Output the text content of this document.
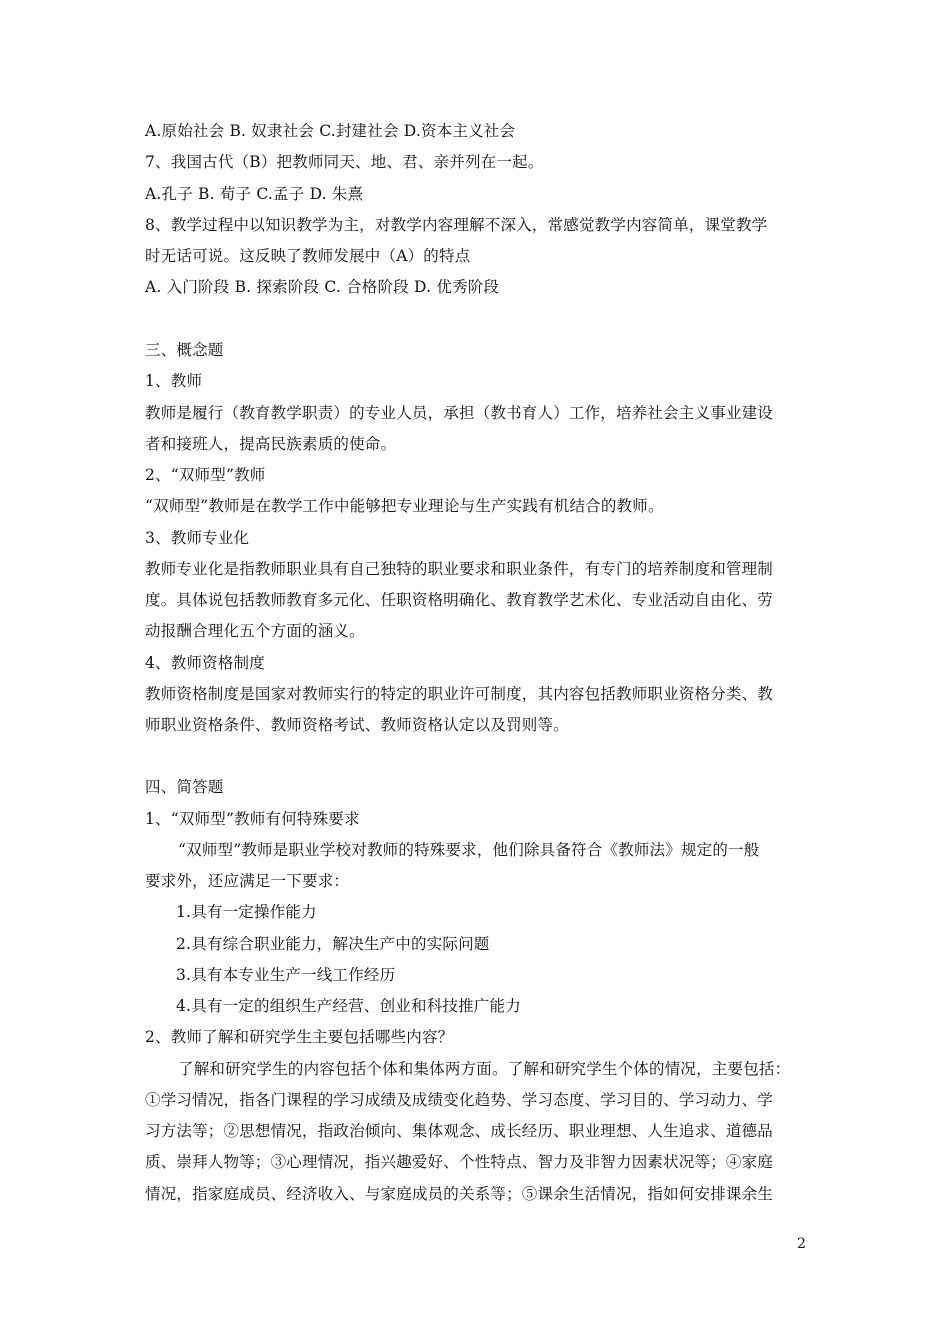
A.原始社会 B. 奴隶社会 C.封建社会 D.资本主义社会
7、我国古代（B）把教师同天、地、君、亲并列在一起。
A.孔子 B. 荀子 C.孟子 D. 朱熹
8、教学过程中以知识教学为主，对教学内容理解不深入，常感觉教学内容简单，课堂教学
时无话可说。这反映了教师发展中（A）的特点
A. 入门阶段 B. 探索阶段 C. 合格阶段 D. 优秀阶段
三、概念题
1、教师
教师是履行（教育教学职责）的专业人员，承担（教书育人）工作，培养社会主义事业建设
者和接班人，提高民族素质的使命。
2、“双师型”教师
“双师型”教师是在教学工作中能够把专业理论与生产实践有机结合的教师。
3、教师专业化
教师专业化是指教师职业具有自己独特的职业要求和职业条件，有专门的培养制度和管理制
度。具体说包括教师教育多元化、任职资格明确化、教育教学艺术化、专业活动自由化、劳
动报酬合理化五个方面的涵义。
4、教师资格制度
教师资格制度是国家对教师实行的特定的职业许可制度，其内容包括教师职业资格分类、教
师职业资格条件、教师资格考试、教师资格认定以及罚则等。
四、简答题
1、“双师型”教师有何特殊要求
“双师型”教师是职业学校对教师的特殊要求，他们除具备符合《教师法》规定的一般
要求外，还应满足一下要求：
1.具有一定操作能力
2.具有综合职业能力，解决生产中的实际问题
3.具有本专业生产一线工作经历
4.具有一定的组织生产经营、创业和科技推广能力
2、教师了解和研究学生主要包括哪些内容？
了解和研究学生的内容包括个体和集体两方面。了解和研究学生个体的情况，主要包括：
①学习情况，指各门课程的学习成绩及成绩变化趋势、学习态度、学习目的、学习动力、学
习方法等；②思想情况，指政治倾向、集体观念、成长经历、职业理想、人生追求、道德品
质、崇拜人物等；③心理情况，指兴趣爱好、个性特点、智力及非智力因素状况等；④家庭
情况，指家庭成员、经济收入、与家庭成员的关系等；⑤课余生活情况，指如何安排课余生
2
